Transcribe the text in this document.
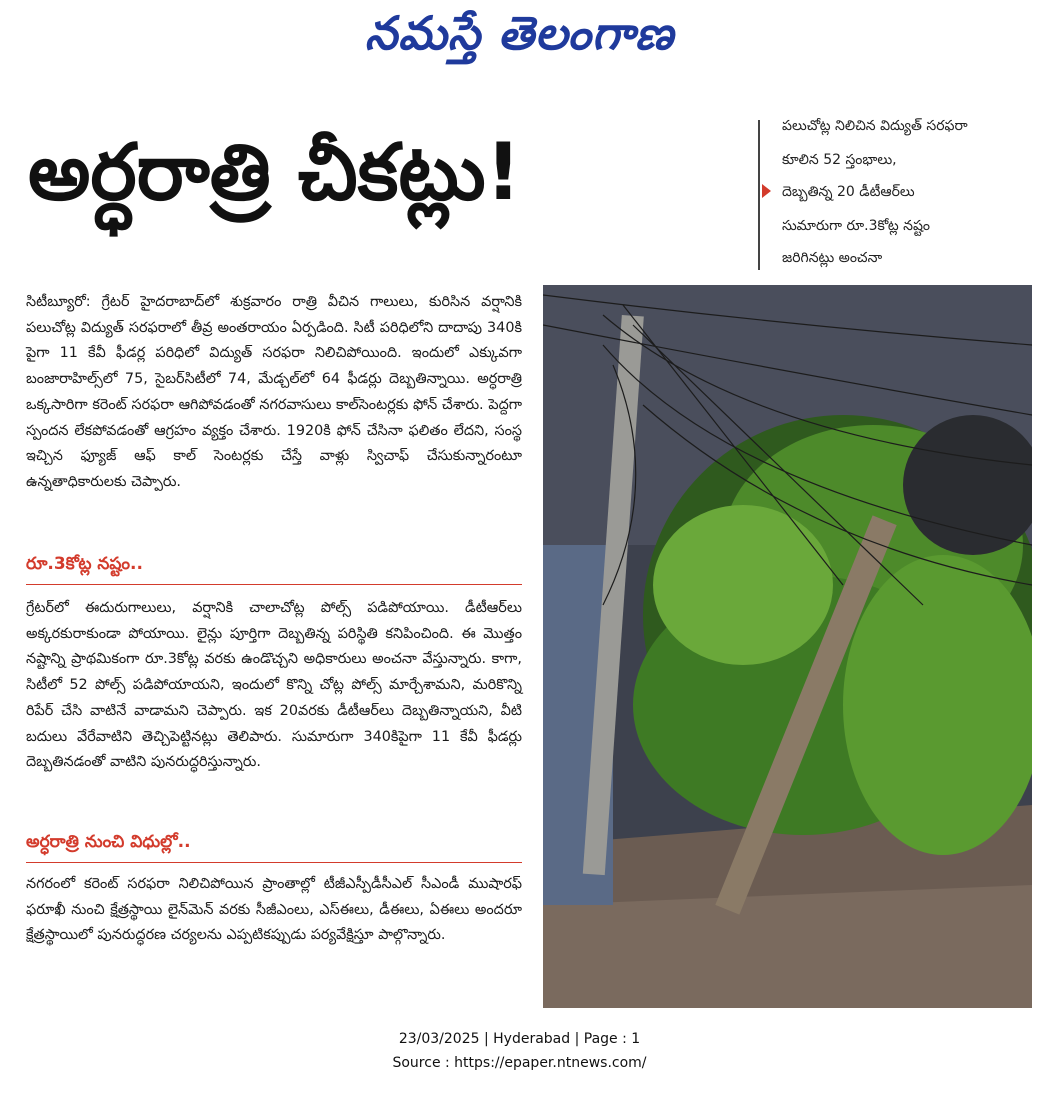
నమస్తే తెలంగాణ
అర్ధరాత్రి చీకట్లు!
పలుచోట్ల నిలిచిన విద్యుత్ సరఫరా
కూలిన 52 స్తంభాలు,
దెబ్బతిన్న 20 డీటీఆర్‌లు
సుమారుగా రూ.3కోట్ల నష్టం
జరిగినట్లు అంచనా
సిటీబ్యూరో: గ్రేటర్ హైదరాబాద్‌లో శుక్రవారం రాత్రి వీచిన గాలులు, కురిసిన వర్షానికి పలుచోట్ల విద్యుత్ సరఫరాలో తీవ్ర అంతరాయం ఏర్పడింది. సిటీ పరిధిలోని దాదాపు 340కి పైగా 11 కేవీ ఫీడర్ల పరిధిలో విద్యుత్ సరఫరా నిలిచిపోయింది. ఇందులో ఎక్కువగా బంజారాహిల్స్‌లో 75, సైబర్‌సిటీలో 74, మేడ్చల్‌లో 64 ఫీడర్లు దెబ్బతిన్నాయి. అర్ధరాత్రి ఒక్కసారిగా కరెంట్ సరఫరా ఆగిపోవడంతో నగరవాసులు కాల్‌సెంటర్లకు ఫోన్ చేశారు. పెద్దగా స్పందన లేకపోవడంతో ఆగ్రహం వ్యక్తం చేశారు. 1920కి ఫోన్ చేసినా ఫలితం లేదని, సంస్థ ఇచ్చిన ఫ్యూజ్ ఆఫ్ కాల్ సెంటర్లకు చేస్తే వాళ్లు స్విచాఫ్ చేసుకున్నారంటూ ఉన్నతాధికారులకు చెప్పారు.
రూ.3కోట్ల నష్టం..
గ్రేటర్‌లో ఈదురుగాలులు, వర్షానికి చాలాచోట్ల పోల్స్ పడిపోయాయి. డీటీఆర్‌లు అక్కరకురాకుండా పోయాయి. లైన్లు పూర్తిగా దెబ్బతిన్న పరిస్థితి కనిపించింది. ఈ మొత్తం నష్టాన్ని ప్రాథమికంగా రూ.3కోట్ల వరకు ఉండొచ్చని అధికారులు అంచనా వేస్తున్నారు. కాగా, సిటీలో 52 పోల్స్ పడిపోయాయని, ఇందులో కొన్ని చోట్ల పోల్స్ మార్చేశామని, మరికొన్ని రిపేర్ చేసి వాటినే వాడామని చెప్పారు. ఇక 20వరకు డీటీఆర్‌లు దెబ్బతిన్నాయని, వీటి బదులు వేరేవాటిని తెచ్చిపెట్టినట్లు తెలిపారు. సుమారుగా 340కిపైగా 11 కేవీ ఫీడర్లు దెబ్బతినడంతో వాటిని పునరుద్ధరిస్తున్నారు.
అర్ధరాత్రి నుంచి విధుల్లో..
నగరంలో కరెంట్ సరఫరా నిలిచిపోయిన ప్రాంతాల్లో టీజీఎస్పీడీసీఎల్ సీఎండీ ముషారఫ్ ఫరూఖీ నుంచి క్షేత్రస్థాయి లైన్‌మెన్ వరకు సీజీఎంలు, ఎస్‌ఈలు, డీఈలు, ఏఈలు అందరూ క్షేత్రస్థాయిలో పునరుద్ధరణ చర్యలను ఎప్పటికప్పుడు పర్యవేక్షిస్తూ పాల్గొన్నారు.
23/03/2025 | Hyderabad | Page : 1
Source : https://epaper.ntnews.com/
